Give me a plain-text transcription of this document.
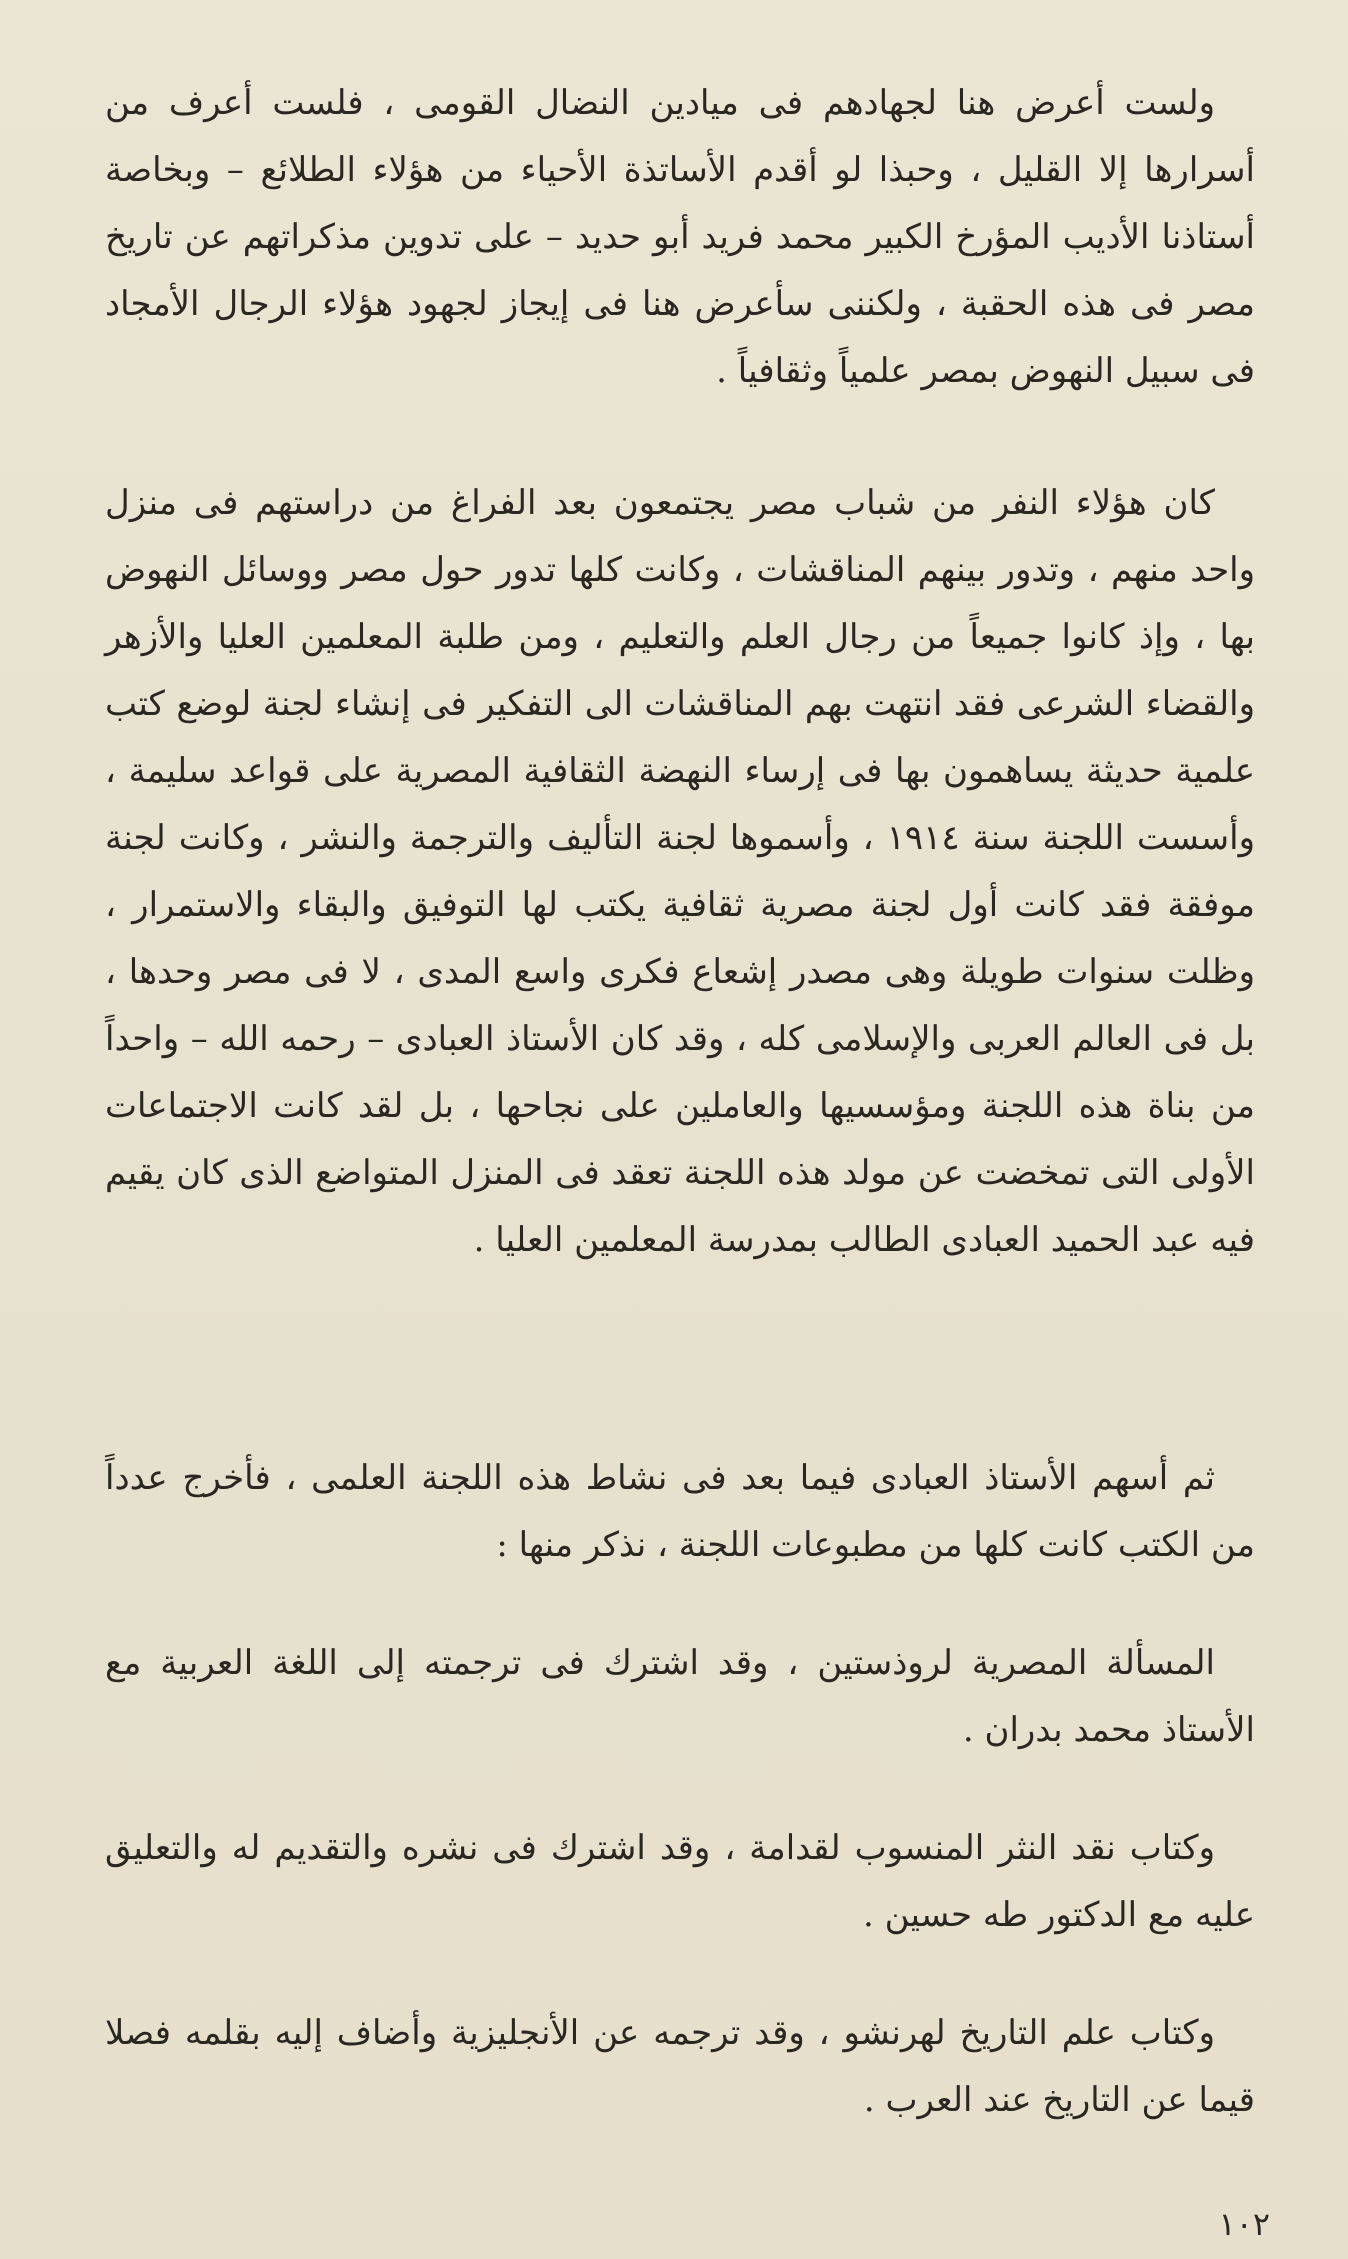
ولست أعرض هنا لجهادهم فى ميادين النضال القومى ، فلست أعرف من أسرارها إلا القليل ، وحبذا لو أقدم الأساتذة الأحياء من هؤلاء الطلائع – وبخاصة أستاذنا الأديب المؤرخ الكبير محمد فريد أبو حديد – على تدوين مذكراتهم عن تاريخ مصر فى هذه الحقبة ، ولكننى سأعرض هنا فى إيجاز لجهود هؤلاء الرجال الأمجاد فى سبيل النهوض بمصر علمياً وثقافياً .

كان هؤلاء النفر من شباب مصر يجتمعون بعد الفراغ من دراستهم فى منزل واحد منهم ، وتدور بينهم المناقشات ، وكانت كلها تدور حول مصر ووسائل النهوض بها ، وإذ كانوا جميعاً من رجال العلم والتعليم ، ومن طلبة المعلمين العليا والأزهر والقضاء الشرعى فقد انتهت بهم المناقشات الى التفكير فى إنشاء لجنة لوضع كتب علمية حديثة يساهمون بها فى إرساء النهضة الثقافية المصرية على قواعد سليمة ، وأسست اللجنة سنة ١٩١٤ ، وأسموها لجنة التأليف والترجمة والنشر ، وكانت لجنة موفقة فقد كانت أول لجنة مصرية ثقافية يكتب لها التوفيق والبقاء والاستمرار ، وظلت سنوات طويلة وهى مصدر إشعاع فكرى واسع المدى ، لا فى مصر وحدها ، بل فى العالم العربى والإسلامى كله ، وقد كان الأستاذ العبادى – رحمه الله – واحداً من بناة هذه اللجنة ومؤسسيها والعاملين على نجاحها ، بل لقد كانت الاجتماعات الأولى التى تمخضت عن مولد هذه اللجنة تعقد فى المنزل المتواضع الذى كان يقيم فيه عبد الحميد العبادى الطالب بمدرسة المعلمين العليا .

ثم أسهم الأستاذ العبادى فيما بعد فى نشاط هذه اللجنة العلمى ، فأخرج عدداً من الكتب كانت كلها من مطبوعات اللجنة ، نذكر منها :

المسألة المصرية لروذستين ، وقد اشترك فى ترجمته إلى اللغة العربية مع الأستاذ محمد بدران .

وكتاب نقد النثر المنسوب لقدامة ، وقد اشترك فى نشره والتقديم له والتعليق عليه مع الدكتور طه حسين .

وكتاب علم التاريخ لهرنشو ، وقد ترجمه عن الأنجليزية وأضاف إليه بقلمه فصلا قيما عن التاريخ عند العرب .

١٠٢
